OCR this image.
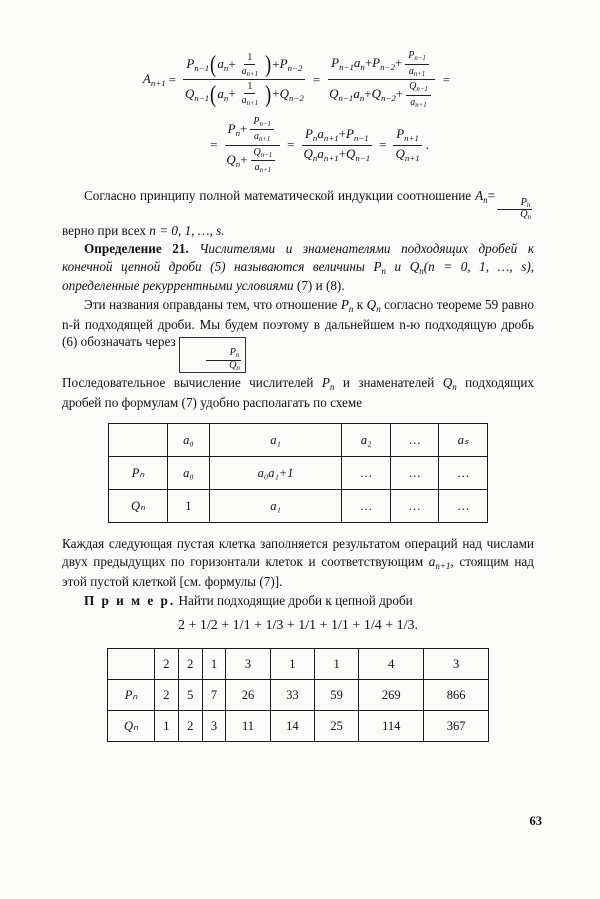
$A_{n+1} = \frac{P_{n-1}(a_n+ \frac{1}{a_{n+1}} )+P_{n-2}}{Q_{n-1}(a_n+ \frac{1}{a_{n+1}} )+Q_{n-2}} = \frac{P_{n-1}a_n+P_{n-2}+ \frac{P_{n-1}}{a_{n+1}}}{Q_{n-1}a_n+Q_{n-2}+ \frac{Q_{n-1}}{a_{n+1}}}$ =
= $\frac{P_n+ \frac{P_{n-1}}{a_{n+1}}}{Q_n+ \frac{Q_{n-1}}{a_{n+1}}} = \frac{P_na_{n+1}+P_{n-1}}{Q_na_{n+1}+Q_{n-1}} = \frac{P_{n+1}}{Q_{n+1}}$ .

Согласно принципу полной математической индукции соотношение $A_n=$
$\frac{P_n}{Q_n}$
верно при всех n = 0, 1, …, s.

Определение 21. Числителями и знаменателями подходящих дробей к конечной цепной дроби (5) называются величины $P_n$ и $Q_n(n = 0$, 1, …, s), определенные рекуррентными условиями (7) и (8).

Эти названия оправданы тем, что отношение $P_n$ к $Q_n$ согласно теореме 59 равно n-й подходящей дроби. Мы будем поэтому в дальнейшем n-ю подходящую дробь (6) обозначать через
$\frac{P_n}{Q_n}$

Последовательное вычисление числителей $P_n$ и знаменателей $Q_n$ подходящих дробей по формулам (7) удобно располагать по схеме

	a₀	a₁	a₂	…	aₛ
Pₙ	a₀	a₀a₁+1	…	…	…
Qₙ	1	a₁	…	…	…

Каждая следующая пустая клетка заполняется результатом операций над числами двух предыдущих по горизонтали клеток и соответствующим $a_{n+1}$, стоящим над этой пустой клеткой [см. формулы (7)].

П р и м е р. Найти подходящие дроби к цепной дроби

2 + 1/2 + 1/1 + 1/3 + 1/1 + 1/1 + 1/4 + 1/3.
	2	2	1	3	1	1	4	3
Pₙ	2	5	7	26	33	59	269	866
Qₙ	1	2	3	11	14	25	114	367
63
